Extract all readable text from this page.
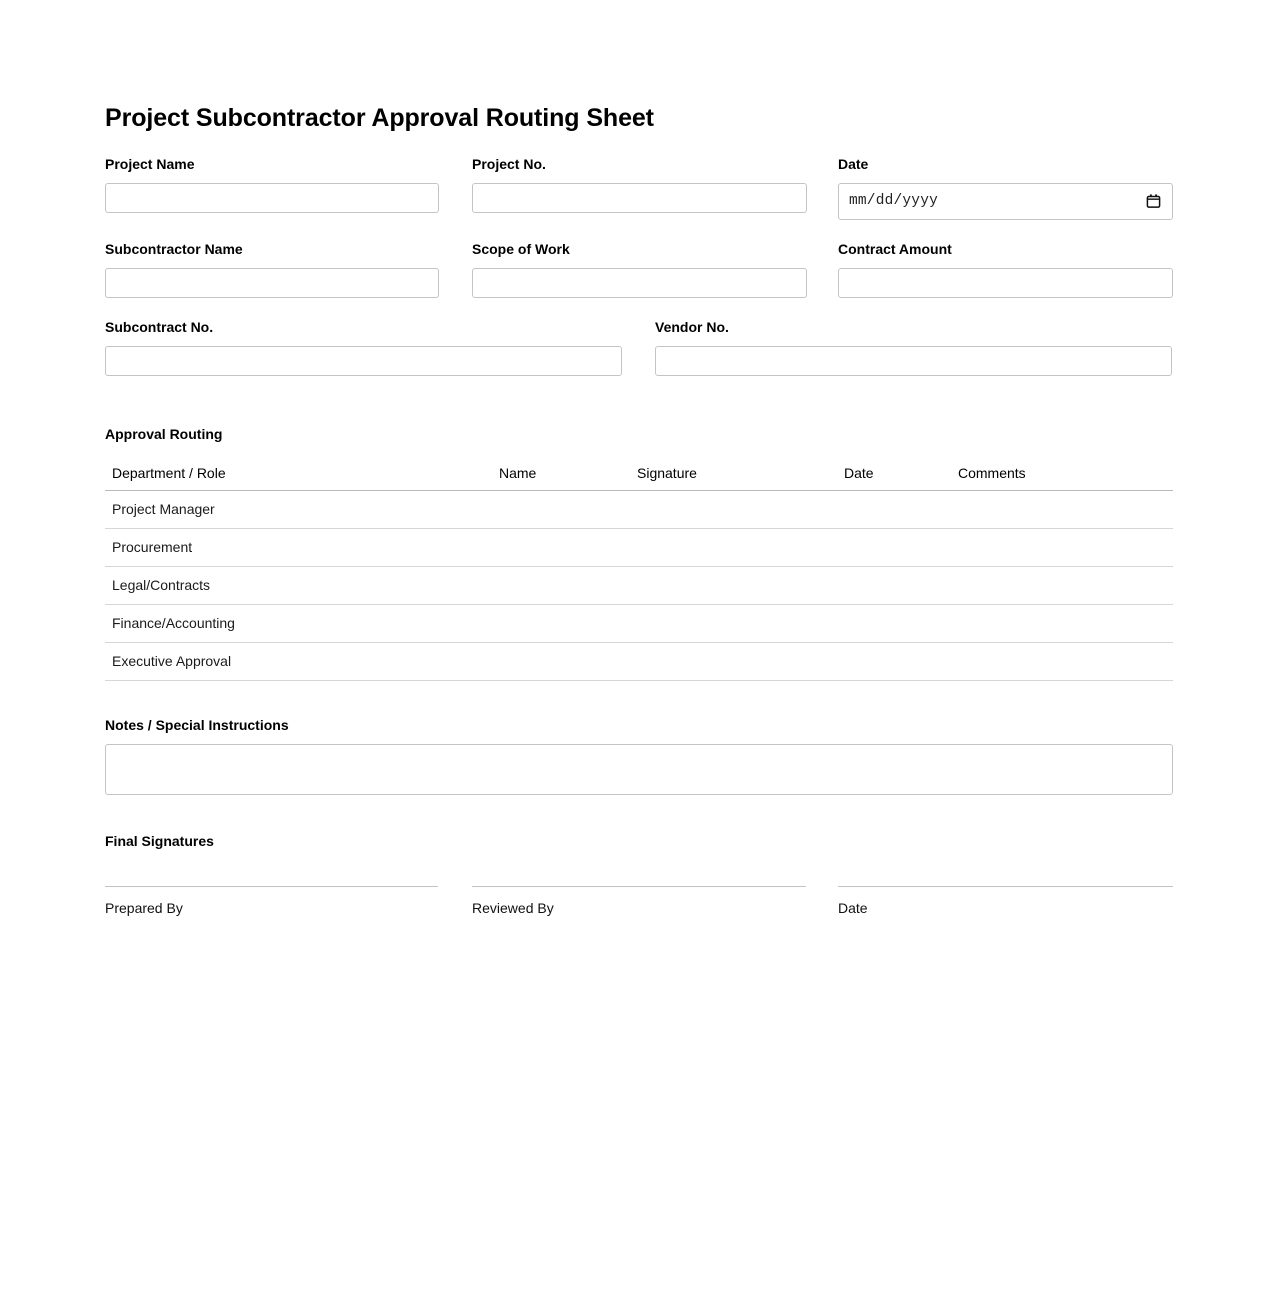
Project Subcontractor Approval Routing Sheet
Project Name	Project No.	Date
mm/dd/yyyy
Subcontractor Name	Scope of Work	Contract Amount
Subcontract No.	Vendor No.
Approval Routing
Department / Role	Name	Signature	Date	Comments
Project Manager				
Procurement				
Legal/Contracts				
Finance/Accounting				
Executive Approval				
Notes / Special Instructions
Final Signatures
Prepared By	Reviewed By	Date
